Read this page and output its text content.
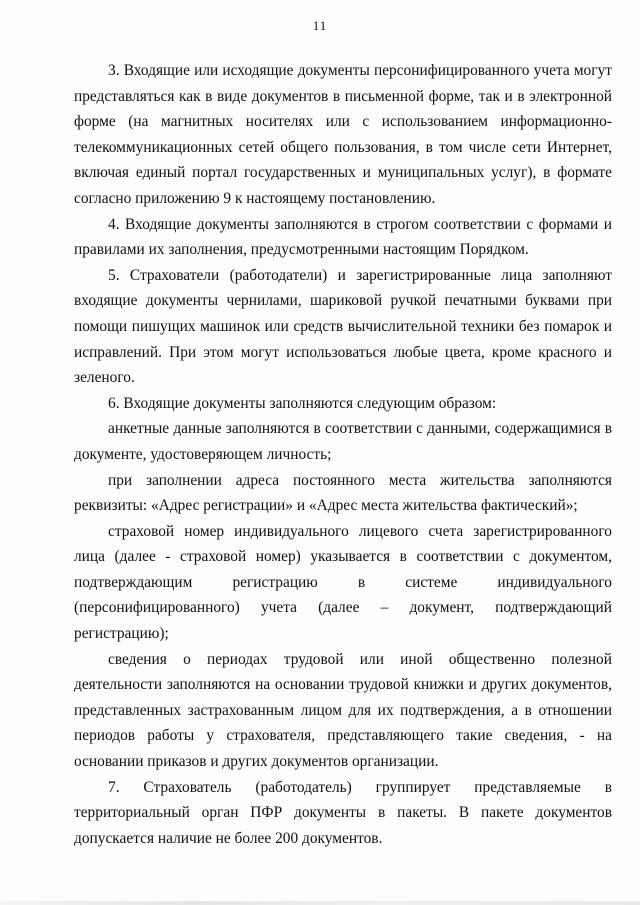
11

3. Входящие или исходящие документы персонифицированного учета могут представляться как в виде документов в письменной форме, так и в электронной форме (на магнитных носителях или с использованием информационно-телекоммуникационных сетей общего пользования, в том числе сети Интернет, включая единый портал государственных и муниципальных услуг), в формате согласно приложению 9 к настоящему постановлению.

4. Входящие документы заполняются в строгом соответствии с формами и правилами их заполнения, предусмотренными настоящим Порядком.

5. Страхователи (работодатели) и зарегистрированные лица заполняют входящие документы чернилами, шариковой ручкой печатными буквами при помощи пишущих машинок или средств вычислительной техники без помарок и исправлений. При этом могут использоваться любые цвета, кроме красного и зеленого.

6. Входящие документы заполняются следующим образом:

анкетные данные заполняются в соответствии с данными, содержащимися в документе, удостоверяющем личность;

при заполнении адреса постоянного места жительства заполняются реквизиты: «Адрес регистрации» и «Адрес места жительства фактический»;

страховой номер индивидуального лицевого счета зарегистрированного лица (далее - страховой номер) указывается в соответствии с документом, подтверждающим регистрацию в системе индивидуального (персонифицированного) учета (далее – документ, подтверждающий регистрацию);

сведения о периодах трудовой или иной общественно полезной деятельности заполняются на основании трудовой книжки и других документов, представленных застрахованным лицом для их подтверждения, а в отношении периодов работы у страхователя, представляющего такие сведения, - на основании приказов и других документов организации.

7. Страхователь (работодатель) группирует представляемые в территориальный орган ПФР документы в пакеты. В пакете документов допускается наличие не более 200 документов.
